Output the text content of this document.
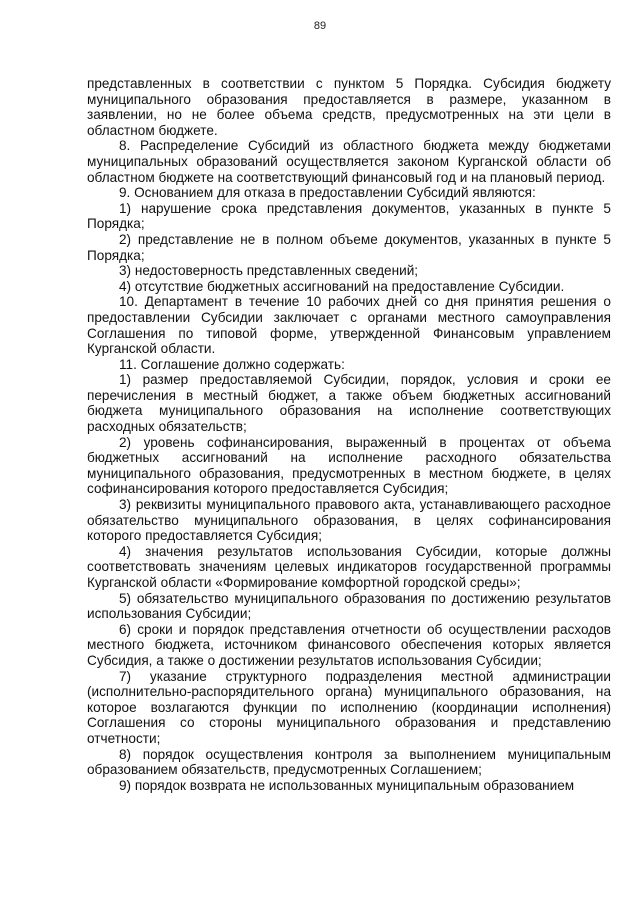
89

представленных в соответствии с пунктом 5 Порядка. Субсидия бюджету муниципального образования предоставляется в размере, указанном в заявлении, но не более объема средств, предусмотренных на эти цели в областном бюджете.

8. Распределение Субсидий из областного бюджета между бюджетами муниципальных образований осуществляется законом Курганской области об областном бюджете на соответствующий финансовый год и на плановый период.

9. Основанием для отказа в предоставлении Субсидий являются:

1) нарушение срока представления документов, указанных в пункте 5 Порядка;

2) представление не в полном объеме документов, указанных в пункте 5 Порядка;

3) недостоверность представленных сведений;

4) отсутствие бюджетных ассигнований на предоставление Субсидии.

10. Департамент в течение 10 рабочих дней со дня принятия решения о предоставлении Субсидии заключает с органами местного самоуправления Соглашения по типовой форме, утвержденной Финансовым управлением Курганской области.

11. Соглашение должно содержать:

1) размер предоставляемой Субсидии, порядок, условия и сроки ее перечисления в местный бюджет, а также объем бюджетных ассигнований бюджета муниципального образования на исполнение соответствующих расходных обязательств;

2) уровень софинансирования, выраженный в процентах от объема бюджетных ассигнований на исполнение расходного обязательства муниципального образования, предусмотренных в местном бюджете, в целях софинансирования которого предоставляется Субсидия;

3) реквизиты муниципального правового акта, устанавливающего расходное обязательство муниципального образования, в целях софинансирования которого предоставляется Субсидия;

4) значения результатов использования Субсидии, которые должны соответствовать значениям целевых индикаторов государственной программы Курганской области «Формирование комфортной городской среды»;

5) обязательство муниципального образования по достижению результатов использования Субсидии;

6) сроки и порядок представления отчетности об осуществлении расходов местного бюджета, источником финансового обеспечения которых является Субсидия, а также о достижении результатов использования Субсидии;

7) указание структурного подразделения местной администрации (исполнительно-распорядительного органа) муниципального образования, на которое возлагаются функции по исполнению (координации исполнения) Соглашения со стороны муниципального образования и представлению отчетности;

8) порядок осуществления контроля за выполнением муниципальным образованием обязательств, предусмотренных Соглашением;

9) порядок возврата не использованных муниципальным образованием
